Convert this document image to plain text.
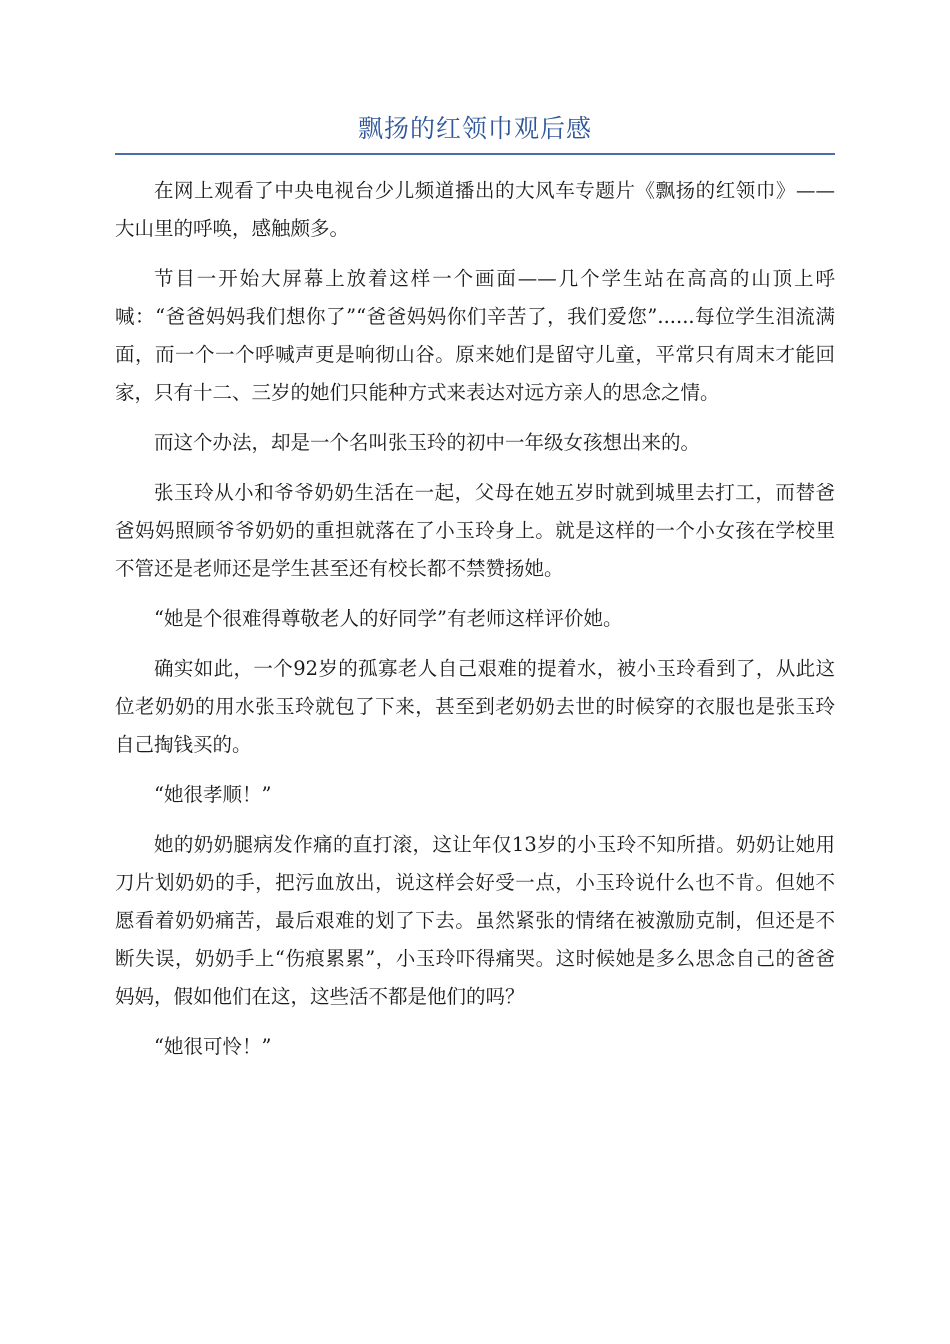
飘扬的红领巾观后感

在网上观看了中央电视台少儿频道播出的大风车专题片《飘扬的红领巾》——大山里的呼唤，感触颇多。

节目一开始大屏幕上放着这样一个画面——几个学生站在高高的山顶上呼喊：“爸爸妈妈我们想你了”“爸爸妈妈你们辛苦了，我们爱您”......每位学生泪流满面，而一个一个呼喊声更是响彻山谷。原来她们是留守儿童，平常只有周末才能回家，只有十二、三岁的她们只能种方式来表达对远方亲人的思念之情。

而这个办法，却是一个名叫张玉玲的初中一年级女孩想出来的。

张玉玲从小和爷爷奶奶生活在一起，父母在她五岁时就到城里去打工，而替爸爸妈妈照顾爷爷奶奶的重担就落在了小玉玲身上。就是这样的一个小女孩在学校里不管还是老师还是学生甚至还有校长都不禁赞扬她。

“她是个很难得尊敬老人的好同学”有老师这样评价她。

确实如此，一个92岁的孤寡老人自己艰难的提着水，被小玉玲看到了，从此这位老奶奶的用水张玉玲就包了下来，甚至到老奶奶去世的时候穿的衣服也是张玉玲自己掏钱买的。

“她很孝顺！”

她的奶奶腿病发作痛的直打滚，这让年仅13岁的小玉玲不知所措。奶奶让她用刀片划奶奶的手，把污血放出，说这样会好受一点，小玉玲说什么也不肯。但她不愿看着奶奶痛苦，最后艰难的划了下去。虽然紧张的情绪在被激励克制，但还是不断失误，奶奶手上“伤痕累累”，小玉玲吓得痛哭。这时候她是多么思念自己的爸爸妈妈，假如他们在这，这些活不都是他们的吗？

“她很可怜！”
